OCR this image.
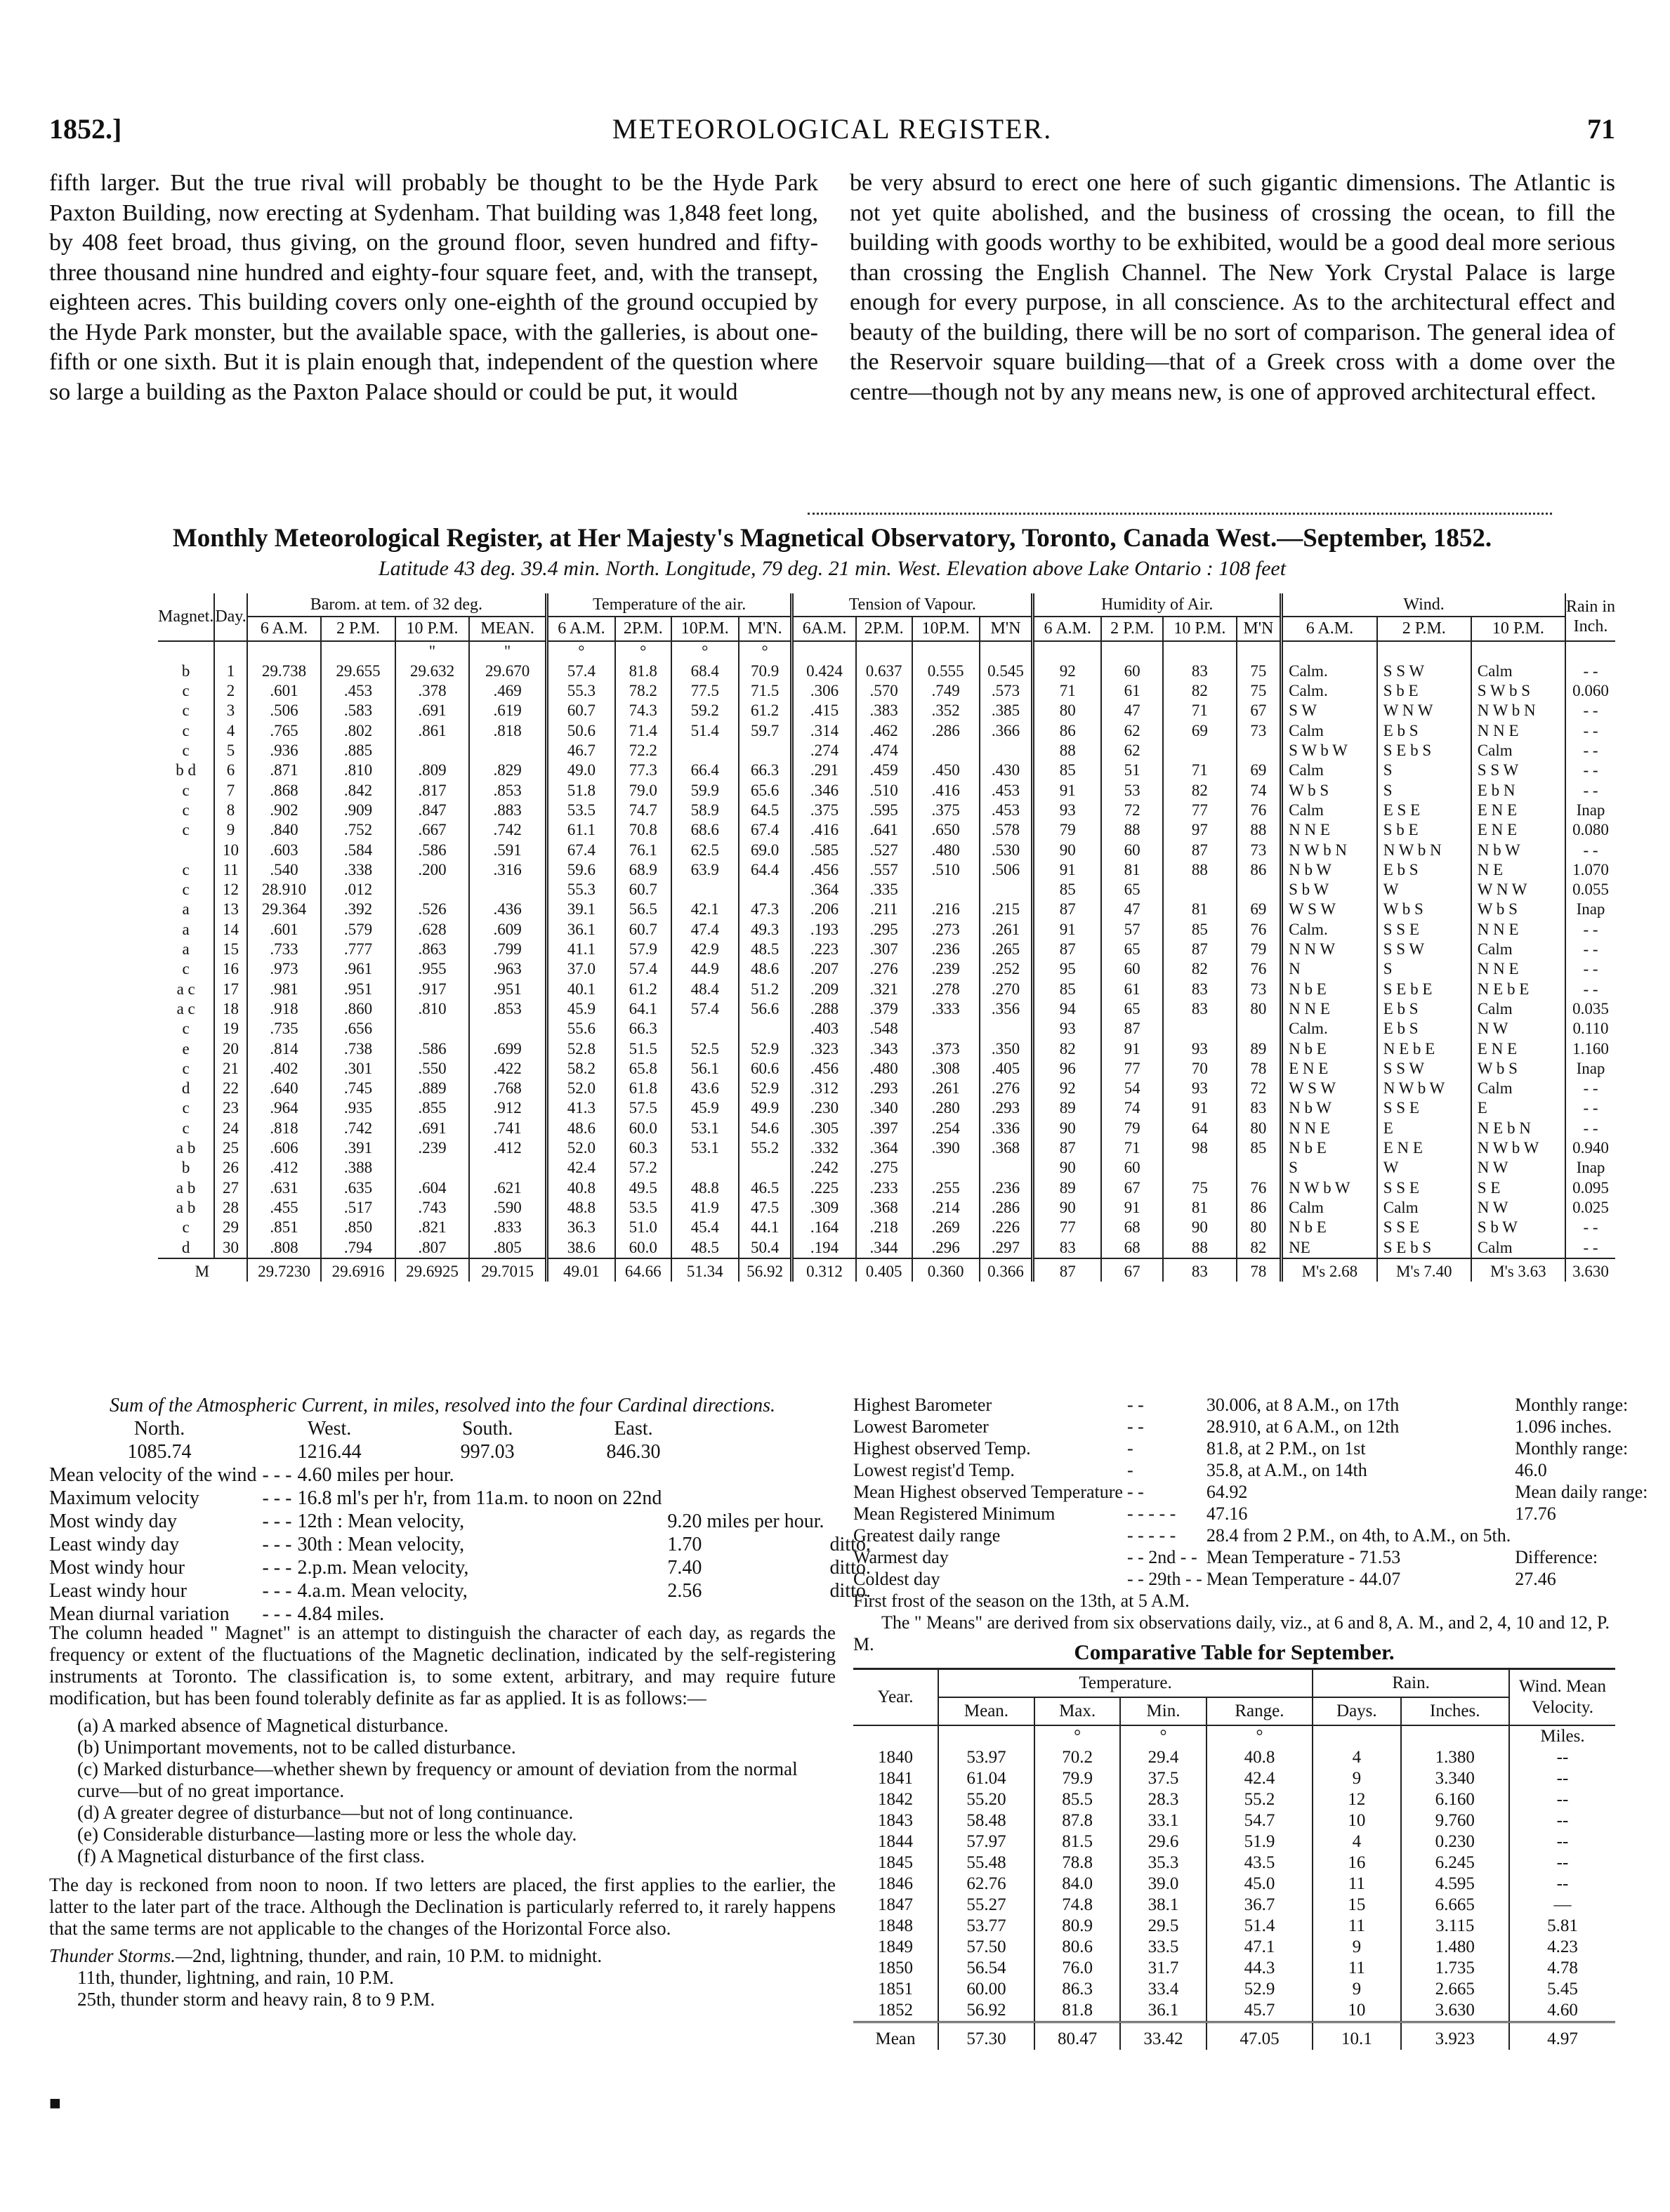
1852.]	METEOROLOGICAL REGISTER.	71

fifth larger. But the true rival will probably be thought to be the Hyde Park Paxton Building, now erecting at Sydenham. That building was 1,848 feet long, by 408 feet broad, thus giving, on the ground floor, seven hundred and fifty-three thousand nine hundred and eighty-four square feet, and, with the transept, eighteen acres. This building covers only one-eighth of the ground occupied by the Hyde Park monster, but the available space, with the galleries, is about one-fifth or one sixth. But it is plain enough that, independent of the question where so large a building as the Paxton Palace should or could be put, it would

be very absurd to erect one here of such gigantic dimensions. The Atlantic is not yet quite abolished, and the business of crossing the ocean, to fill the building with goods worthy to be exhibited, would be a good deal more serious than crossing the English Channel. The New York Crystal Palace is large enough for every purpose, in all conscience. As to the architectural effect and beauty of the building, there will be no sort of comparison. The general idea of the Reservoir square building—that of a Greek cross with a dome over the centre—though not by any means new, is one of approved architectural effect.

Monthly Meteorological Register, at Her Majesty's Magnetical Observatory, Toronto, Canada West.—September, 1852.
Latitude 43 deg. 39.4 min. North. Longitude, 79 deg. 21 min. West. Elevation above Lake Ontario : 108 feet
Magnet.	Day.	Barom. at tem. of 32 deg.				Temperature of the air.				Tension of Vapour.				Humidity of Air.				Wind.			Rain in Inch.
		6 A.M.	2 P.M.	10 P.M.	MEAN.	6 A.M.	2P.M.	10P.M.	M'N.	6A.M.	2P.M.	10P.M.	M'N	6 A.M.	2 P.M.	10 P.M.	M'N	6 A.M.	2 P.M.	10 P.M.	
				"	"	°	°	°	°												
b	1	29.738	29.655	29.632	29.670	57.4	81.8	68.4	70.9	0.424	0.637	0.555	0.545	92	60	83	75	Calm.	S S W	Calm	- -
c	2	.601	.453	.378	.469	55.3	78.2	77.5	71.5	.306	.570	.749	.573	71	61	82	75	Calm.	S b E	S W b S	0.060
c	3	.506	.583	.691	.619	60.7	74.3	59.2	61.2	.415	.383	.352	.385	80	47	71	67	S W	W N W	N W b N	- -
c	4	.765	.802	.861	.818	50.6	71.4	51.4	59.7	.314	.462	.286	.366	86	62	69	73	Calm	E b S	N N E	- -
c	5	.936	.885			46.7	72.2			.274	.474			88	62			S W b W	S E b S	Calm	- -
b d	6	.871	.810	.809	.829	49.0	77.3	66.4	66.3	.291	.459	.450	.430	85	51	71	69	Calm	S	S S W	- -
c	7	.868	.842	.817	.853	51.8	79.0	59.9	65.6	.346	.510	.416	.453	91	53	82	74	W b S	S	E b N	- -
c	8	.902	.909	.847	.883	53.5	74.7	58.9	64.5	.375	.595	.375	.453	93	72	77	76	Calm	E S E	E N E	Inap
c	9	.840	.752	.667	.742	61.1	70.8	68.6	67.4	.416	.641	.650	.578	79	88	97	88	N N E	S b E	E N E	0.080
	10	.603	.584	.586	.591	67.4	76.1	62.5	69.0	.585	.527	.480	.530	90	60	87	73	N W b N	N W b N	N b W	- -
c	11	.540	.338	.200	.316	59.6	68.9	63.9	64.4	.456	.557	.510	.506	91	81	88	86	N b W	E b S	N E	1.070
c	12	28.910	.012			55.3	60.7			.364	.335			85	65			S b W	W	W N W	0.055
a	13	29.364	.392	.526	.436	39.1	56.5	42.1	47.3	.206	.211	.216	.215	87	47	81	69	W S W	W b S	W b S	Inap
a	14	.601	.579	.628	.609	36.1	60.7	47.4	49.3	.193	.295	.273	.261	91	57	85	76	Calm.	S S E	N N E	- -
a	15	.733	.777	.863	.799	41.1	57.9	42.9	48.5	.223	.307	.236	.265	87	65	87	79	N N W	S S W	Calm	- -
c	16	.973	.961	.955	.963	37.0	57.4	44.9	48.6	.207	.276	.239	.252	95	60	82	76	N	S	N N E	- -
a c	17	.981	.951	.917	.951	40.1	61.2	48.4	51.2	.209	.321	.278	.270	85	61	83	73	N b E	S E b E	N E b E	- -
a c	18	.918	.860	.810	.853	45.9	64.1	57.4	56.6	.288	.379	.333	.356	94	65	83	80	N N E	E b S	Calm	0.035
c	19	.735	.656			55.6	66.3			.403	.548			93	87			Calm.	E b S	N W	0.110
e	20	.814	.738	.586	.699	52.8	51.5	52.5	52.9	.323	.343	.373	.350	82	91	93	89	N b E	N E b E	E N E	1.160
c	21	.402	.301	.550	.422	58.2	65.8	56.1	60.6	.456	.480	.308	.405	96	77	70	78	E N E	S S W	W b S	Inap
d	22	.640	.745	.889	.768	52.0	61.8	43.6	52.9	.312	.293	.261	.276	92	54	93	72	W S W	N W b W	Calm	- -
c	23	.964	.935	.855	.912	41.3	57.5	45.9	49.9	.230	.340	.280	.293	89	74	91	83	N b W	S S E	E	- -
c	24	.818	.742	.691	.741	48.6	60.0	53.1	54.6	.305	.397	.254	.336	90	79	64	80	N N E	E	N E b N	- -
a b	25	.606	.391	.239	.412	52.0	60.3	53.1	55.2	.332	.364	.390	.368	87	71	98	85	N b E	E N E	N W b W	0.940
b	26	.412	.388			42.4	57.2			.242	.275			90	60			S	W	N W	Inap
a b	27	.631	.635	.604	.621	40.8	49.5	48.8	46.5	.225	.233	.255	.236	89	67	75	76	N W b W	S S E	S E	0.095
a b	28	.455	.517	.743	.590	48.8	53.5	41.9	47.5	.309	.368	.214	.286	90	91	81	86	Calm	Calm	N W	0.025
c	29	.851	.850	.821	.833	36.3	51.0	45.4	44.1	.164	.218	.269	.226	77	68	90	80	N b E	S S E	S b W	- -
d	30	.808	.794	.807	.805	38.6	60.0	48.5	50.4	.194	.344	.296	.297	83	68	88	82	NE	S E b S	Calm	- -
M		29.7230	29.6916	29.6925	29.7015	49.01	64.66	51.34	56.92	0.312	0.405	0.360	0.366	87	67	83	78	M's 2.68	M's 7.40	M's 3.63	3.630
Sum of the Atmospheric Current, in miles, resolved into the four Cardinal directions.
North.	West.	South.	East.
1085.74	1216.44	997.03	846.30
Mean velocity of the wind	- - -	4.60 miles per hour.		
Maximum velocity	- - -	16.8 ml's per h'r, from 11a.m. to noon on 22nd		
Most windy day	- - -	12th : Mean velocity,	9.20 miles per hour.	
Least windy day	- - -	30th : Mean velocity,	1.70	ditto.
Most windy hour	- - -	2.p.m. Mean velocity,	7.40	ditto.
Least windy hour	- - -	4.a.m. Mean velocity,	2.56	ditto.
Mean diurnal variation	- - -	4.84 miles.		

The column headed " Magnet" is an attempt to distinguish the character of each day, as regards the frequency or extent of the fluctuations of the Magnetic declination, indicated by the self-registering instruments at Toronto. The classification is, to some extent, arbitrary, and may require future modification, but has been found tolerably definite as far as applied. It is as follows:—

(a) A marked absence of Magnetical disturbance.
(b) Unimportant movements, not to be called disturbance.
(c) Marked disturbance—whether shewn by frequency or amount of deviation from the normal curve—but of no great importance.
(d) A greater degree of disturbance—but not of long continuance.
(e) Considerable disturbance—lasting more or less the whole day.
(f) A Magnetical disturbance of the first class.

The day is reckoned from noon to noon. If two letters are placed, the first applies to the earlier, the latter to the later part of the trace. Although the Declination is particularly referred to, it rarely happens that the same terms are not applicable to the changes of the Horizontal Force also.

Thunder Storms.—2nd, lightning, thunder, and rain, 10 P.M. to midnight.

11th, thunder, lightning, and rain, 10 P.M.

25th, thunder storm and heavy rain, 8 to 9 P.M.

Highest Barometer	- -	30.006, at 8 A.M., on 17th	Monthly range:
Lowest Barometer	- -	28.910, at 6 A.M., on 12th	1.096 inches.
Highest observed Temp.	-	81.8, at 2 P.M., on 1st	Monthly range:
Lowest regist'd Temp.	-	35.8, at A.M., on 14th	46.0
Mean Highest observed Temperature	- -	64.92	Mean daily range:
Mean Registered Minimum	- - - - -	47.16	17.76
Greatest daily range	- - - - -	28.4 from 2 P.M., on 4th, to A.M., on 5th.	
Warmest day	- - 2nd - -	Mean Temperature - 71.53	Difference:
Coldest day	- - 29th - -	Mean Temperature - 44.07	27.46
First frost of the season on the 13th, at 5 A.M.
The " Means" are derived from six observations daily, viz., at 6 and 8, A. M., and 2, 4, 10 and 12, P. M.	Comparative Table for September.
Year.	Temperature.				Rain.		Wind. Mean Velocity.
	Mean.	Max.	Min.	Range.	Days.	Inches.	
		°	°	°			Miles.
1840	53.97	70.2	29.4	40.8	4	1.380	--
1841	61.04	79.9	37.5	42.4	9	3.340	--
1842	55.20	85.5	28.3	55.2	12	6.160	--
1843	58.48	87.8	33.1	54.7	10	9.760	--
1844	57.97	81.5	29.6	51.9	4	0.230	--
1845	55.48	78.8	35.3	43.5	16	6.245	--
1846	62.76	84.0	39.0	45.0	11	4.595	--
1847	55.27	74.8	38.1	36.7	15	6.665	—
1848	53.77	80.9	29.5	51.4	11	3.115	5.81
1849	57.50	80.6	33.5	47.1	9	1.480	4.23
1850	56.54	76.0	31.7	44.3	11	1.735	4.78
1851	60.00	86.3	33.4	52.9	9	2.665	5.45
1852	56.92	81.8	36.1	45.7	10	3.630	4.60
Mean	57.30	80.47	33.42	47.05	10.1	3.923	4.97
■
